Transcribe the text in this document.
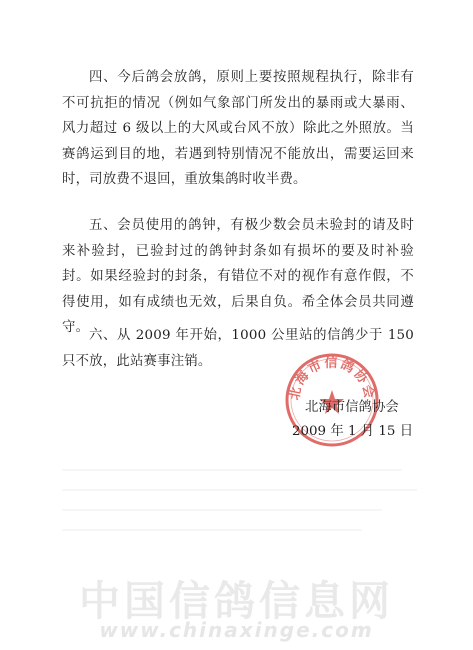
四、今后鸽会放鸽，原则上要按照规程执行，除非有不可抗拒的情况（例如气象部门所发出的暴雨或大暴雨、风力超过 6 级以上的大风或台风不放）除此之外照放。当赛鸽运到目的地，若遇到特别情况不能放出，需要运回来时，司放费不退回，重放集鸽时收半费。

五、会员使用的鸽钟，有极少数会员未验封的请及时来补验封，已验封过的鸽钟封条如有损坏的要及时补验封。如果经验封的封条，有错位不对的视作有意作假，不得使用，如有成绩也无效，后果自负。希全体会员共同遵守。

六、从 2009 年开始，1000 公里站的信鸽少于 150 只不放，此站赛事注销。

北海市信鸽协会
北海市信鸽协会
2009 年 1 月 15 日
中国信鸽信息网
www.chinaxinge.com
